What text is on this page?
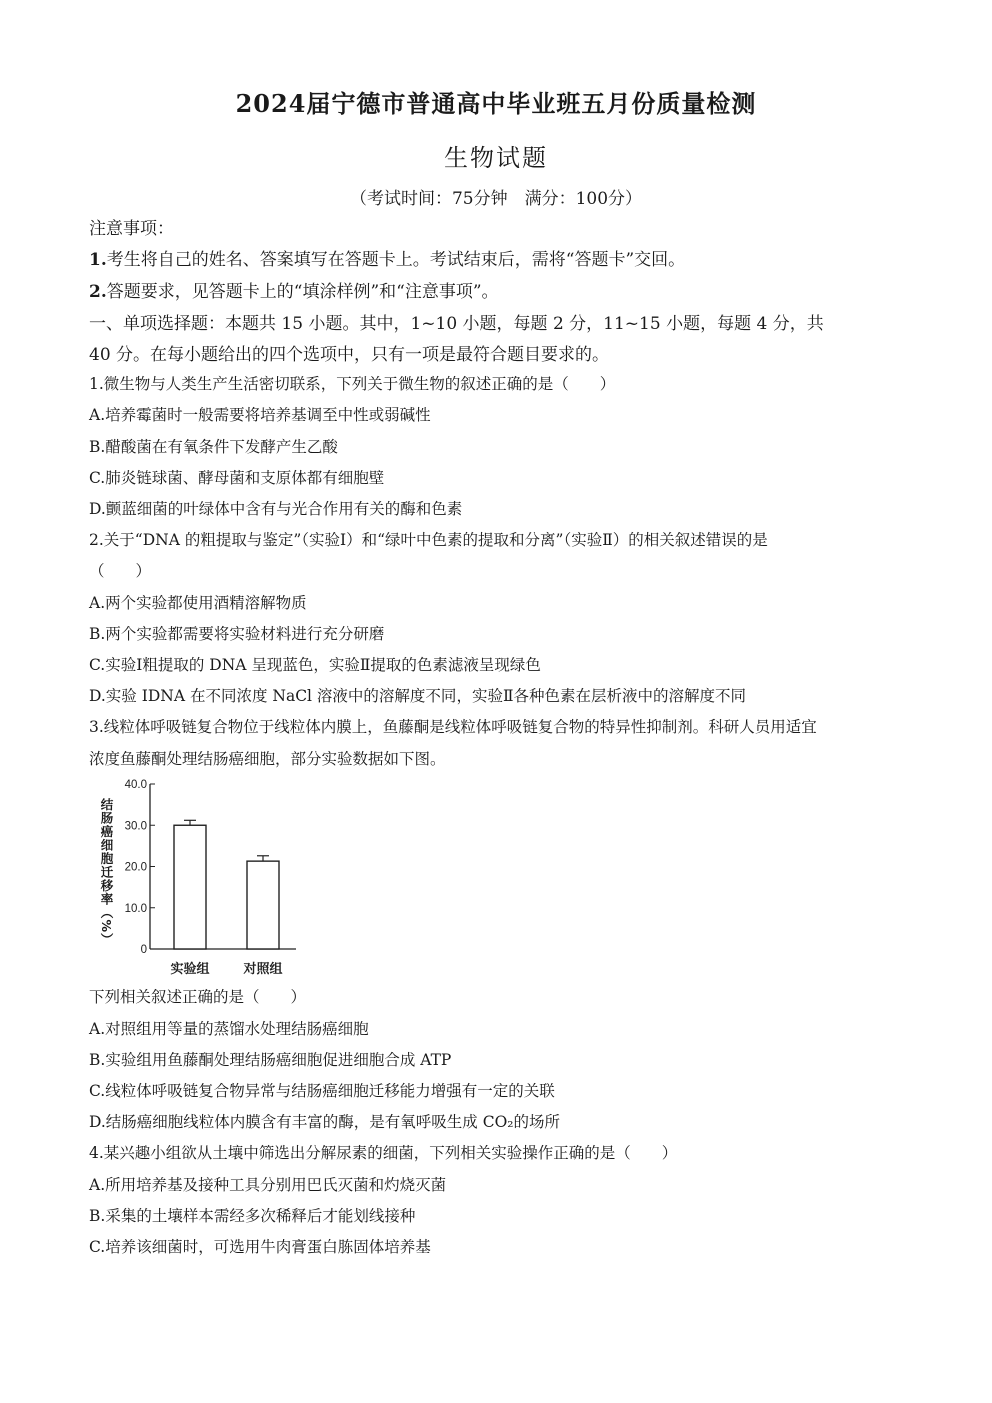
2024届宁德市普通高中毕业班五月份质量检测
生物试题
（考试时间：75分钟　满分：100分）
注意事项：
1.考生将自己的姓名、答案填写在答题卡上。考试结束后，需将“答题卡”交回。
2.答题要求，见答题卡上的“填涂样例”和“注意事项”。
一、单项选择题：本题共 15 小题。其中，1~10 小题，每题 2 分，11~15 小题，每题 4 分，共
40 分。在每小题给出的四个选项中，只有一项是最符合题目要求的。
1.微生物与人类生产生活密切联系，下列关于微生物的叙述正确的是（　　）
A.培养霉菌时一般需要将培养基调至中性或弱碱性
B.醋酸菌在有氧条件下发酵产生乙酸
C.肺炎链球菌、酵母菌和支原体都有细胞壁
D.颤蓝细菌的叶绿体中含有与光合作用有关的酶和色素
2.关于“DNA 的粗提取与鉴定”（实验Ⅰ）和“绿叶中色素的提取和分离”（实验Ⅱ）的相关叙述错误的是
（　　）
A.两个实验都使用酒精溶解物质
B.两个实验都需要将实验材料进行充分研磨
C.实验Ⅰ粗提取的 DNA 呈现蓝色，实验Ⅱ提取的色素滤液呈现绿色
D.实验 IDNA 在不同浓度 NaCl 溶液中的溶解度不同，实验Ⅱ各种色素在层析液中的溶解度不同
3.线粒体呼吸链复合物位于线粒体内膜上，鱼藤酮是线粒体呼吸链复合物的特异性抑制剂。科研人员用适宜
浓度鱼藤酮处理结肠癌细胞，部分实验数据如下图。
结肠癌细胞迁移率（%）
0
10.0
20.0
30.0
40.0
实验组	对照组
下列相关叙述正确的是（　　）
A.对照组用等量的蒸馏水处理结肠癌细胞
B.实验组用鱼藤酮处理结肠癌细胞促进细胞合成 ATP
C.线粒体呼吸链复合物异常与结肠癌细胞迁移能力增强有一定的关联
D.结肠癌细胞线粒体内膜含有丰富的酶，是有氧呼吸生成 CO₂的场所
4.某兴趣小组欲从土壤中筛选出分解尿素的细菌，下列相关实验操作正确的是（　　）
A.所用培养基及接种工具分别用巴氏灭菌和灼烧灭菌
B.采集的土壤样本需经多次稀释后才能划线接种
C.培养该细菌时，可选用牛肉膏蛋白胨固体培养基
